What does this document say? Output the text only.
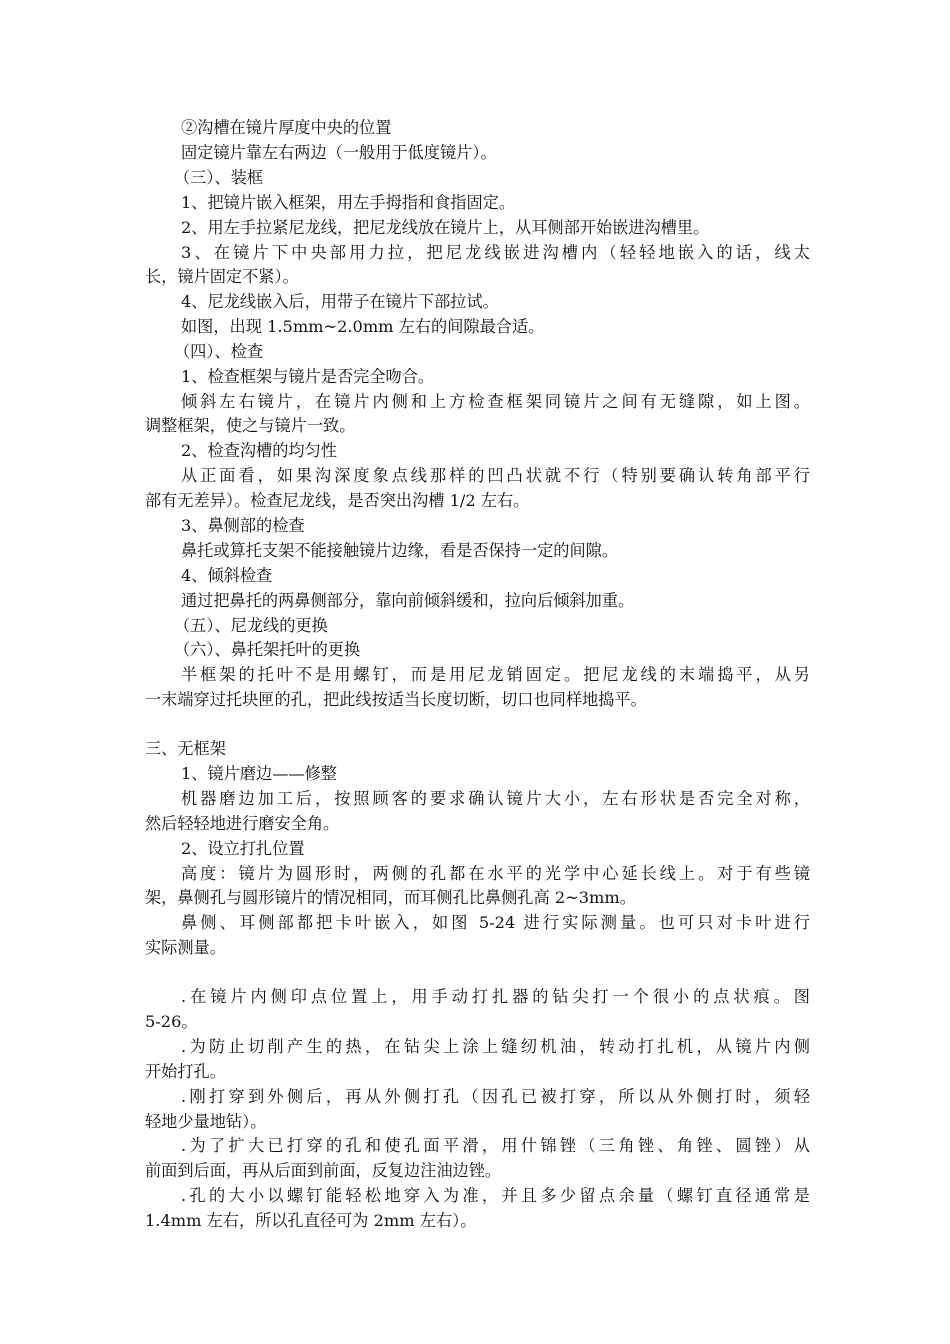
②沟槽在镜片厚度中央的位置
固定镜片靠左右两边（一般用于低度镜片）。
（三）、装框
1、把镜片嵌入框架，用左手拇指和食指固定。
2、用左手拉紧尼龙线，把尼龙线放在镜片上，从耳侧部开始嵌进沟槽里。
3、在镜片下中央部用力拉，把尼龙线嵌进沟槽内（轻轻地嵌入的话，线太
长，镜片固定不紧）。
4、尼龙线嵌入后，用带子在镜片下部拉试。
如图，出现 1.5mm~2.0mm 左右的间隙最合适。
（四）、检查
1、检查框架与镜片是否完全吻合。
倾斜左右镜片，在镜片内侧和上方检查框架同镜片之间有无缝隙，如上图。
调整框架，使之与镜片一致。
2、检查沟槽的均匀性
从正面看，如果沟深度象点线那样的凹凸状就不行（特别要确认转角部平行
部有无差异）。检查尼龙线，是否突出沟槽 1/2 左右。
3、鼻侧部的检查
鼻托或算托支架不能接触镜片边缘，看是否保持一定的间隙。
4、倾斜检查
通过把鼻托的两鼻侧部分，靠向前倾斜缓和，拉向后倾斜加重。
（五）、尼龙线的更换
（六）、鼻托架托叶的更换
半框架的托叶不是用螺钉，而是用尼龙销固定。把尼龙线的末端捣平，从另
一末端穿过托块匣的孔，把此线按适当长度切断，切口也同样地捣平。
三、无框架
1、镜片磨边——修整
机器磨边加工后，按照顾客的要求确认镜片大小，左右形状是否完全对称，
然后轻轻地进行磨安全角。
2、设立打扎位置
高度：镜片为圆形时，两侧的孔都在水平的光学中心延长线上。对于有些镜
架，鼻侧孔与圆形镜片的情况相同，而耳侧孔比鼻侧孔高 2~3mm。
鼻侧、耳侧部都把卡叶嵌入，如图 5-24 进行实际测量。也可只对卡叶进行
实际测量。
.在镜片内侧印点位置上，用手动打扎器的钻尖打一个很小的点状痕。图
5-26。
.为防止切削产生的热，在钻尖上涂上缝纫机油，转动打扎机，从镜片内侧
开始打孔。
.刚打穿到外侧后，再从外侧打孔（因孔已被打穿，所以从外侧打时，须轻
轻地少量地钻）。
.为了扩大已打穿的孔和使孔面平滑，用什锦锉（三角锉、角锉、圆锉）从
前面到后面，再从后面到前面，反复边注油边锉。
.孔的大小以螺钉能轻松地穿入为准，并且多少留点余量（螺钉直径通常是
1.4mm 左右，所以孔直径可为 2mm 左右）。
